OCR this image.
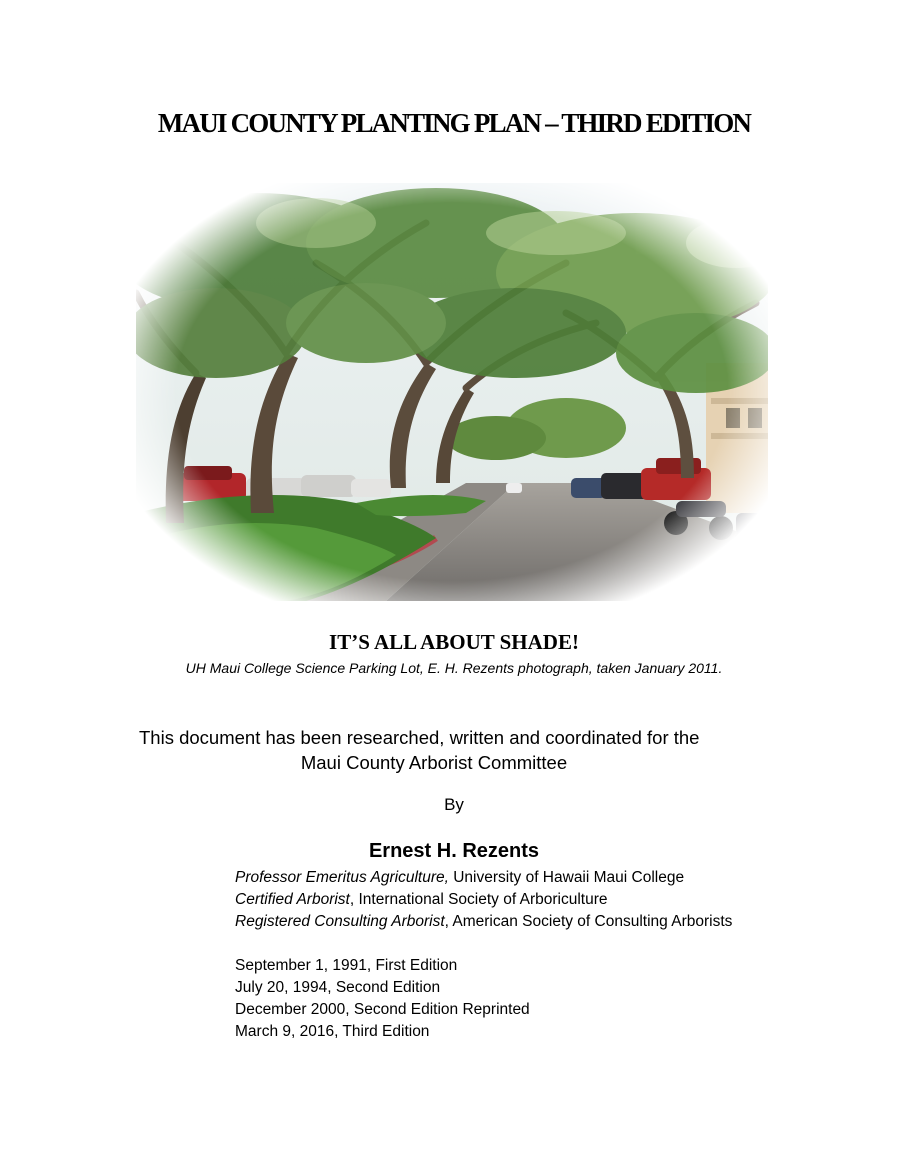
MAUI COUNTY PLANTING PLAN – THIRD EDITION
IT’S ALL ABOUT SHADE!
UH Maui College Science Parking Lot, E. H. Rezents photograph, taken January 2011.
This document has been researched, written and coordinated for the
Maui County Arborist Committee
By
Ernest H. Rezents
Professor Emeritus Agriculture, University of Hawaii Maui College
Certified Arborist, International Society of Arboriculture
Registered Consulting Arborist, American Society of Consulting Arborists
September 1, 1991, First Edition
July 20, 1994, Second Edition
December 2000, Second Edition Reprinted
March 9, 2016, Third Edition
